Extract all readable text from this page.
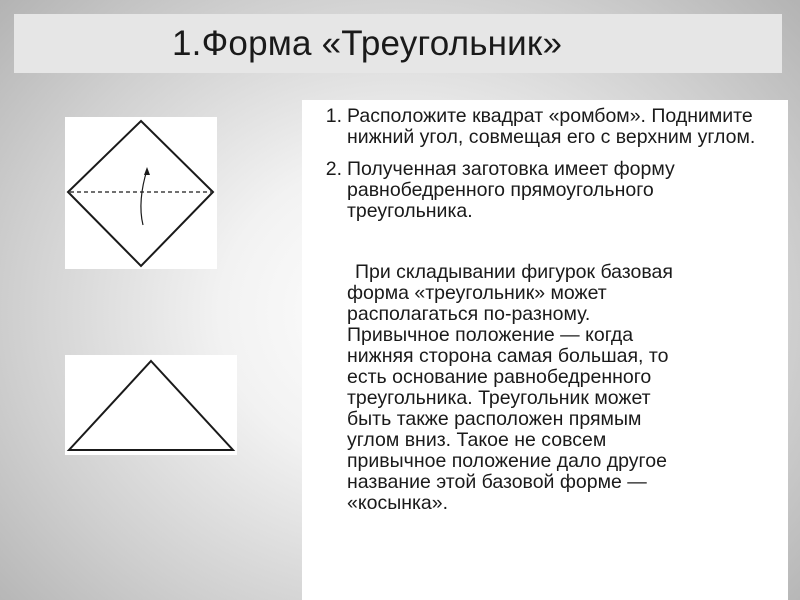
1.Форма «Треугольник»
1. Расположите квадрат «ромбом». Поднимите нижний угол, совмещая его с верхним углом.
2. Полученная заготовка имеет форму равнобедренного прямоугольного треугольника.

При складывании фигурок базовая
форма «треугольник» может
располагаться по-разному.
Привычное положение — когда
нижняя сторона самая большая, то
есть основание равнобедренного
треугольника. Треугольник может
быть также расположен прямым
углом вниз. Такое не совсем
привычное положение дало другое
название этой базовой форме —
«косынка».
